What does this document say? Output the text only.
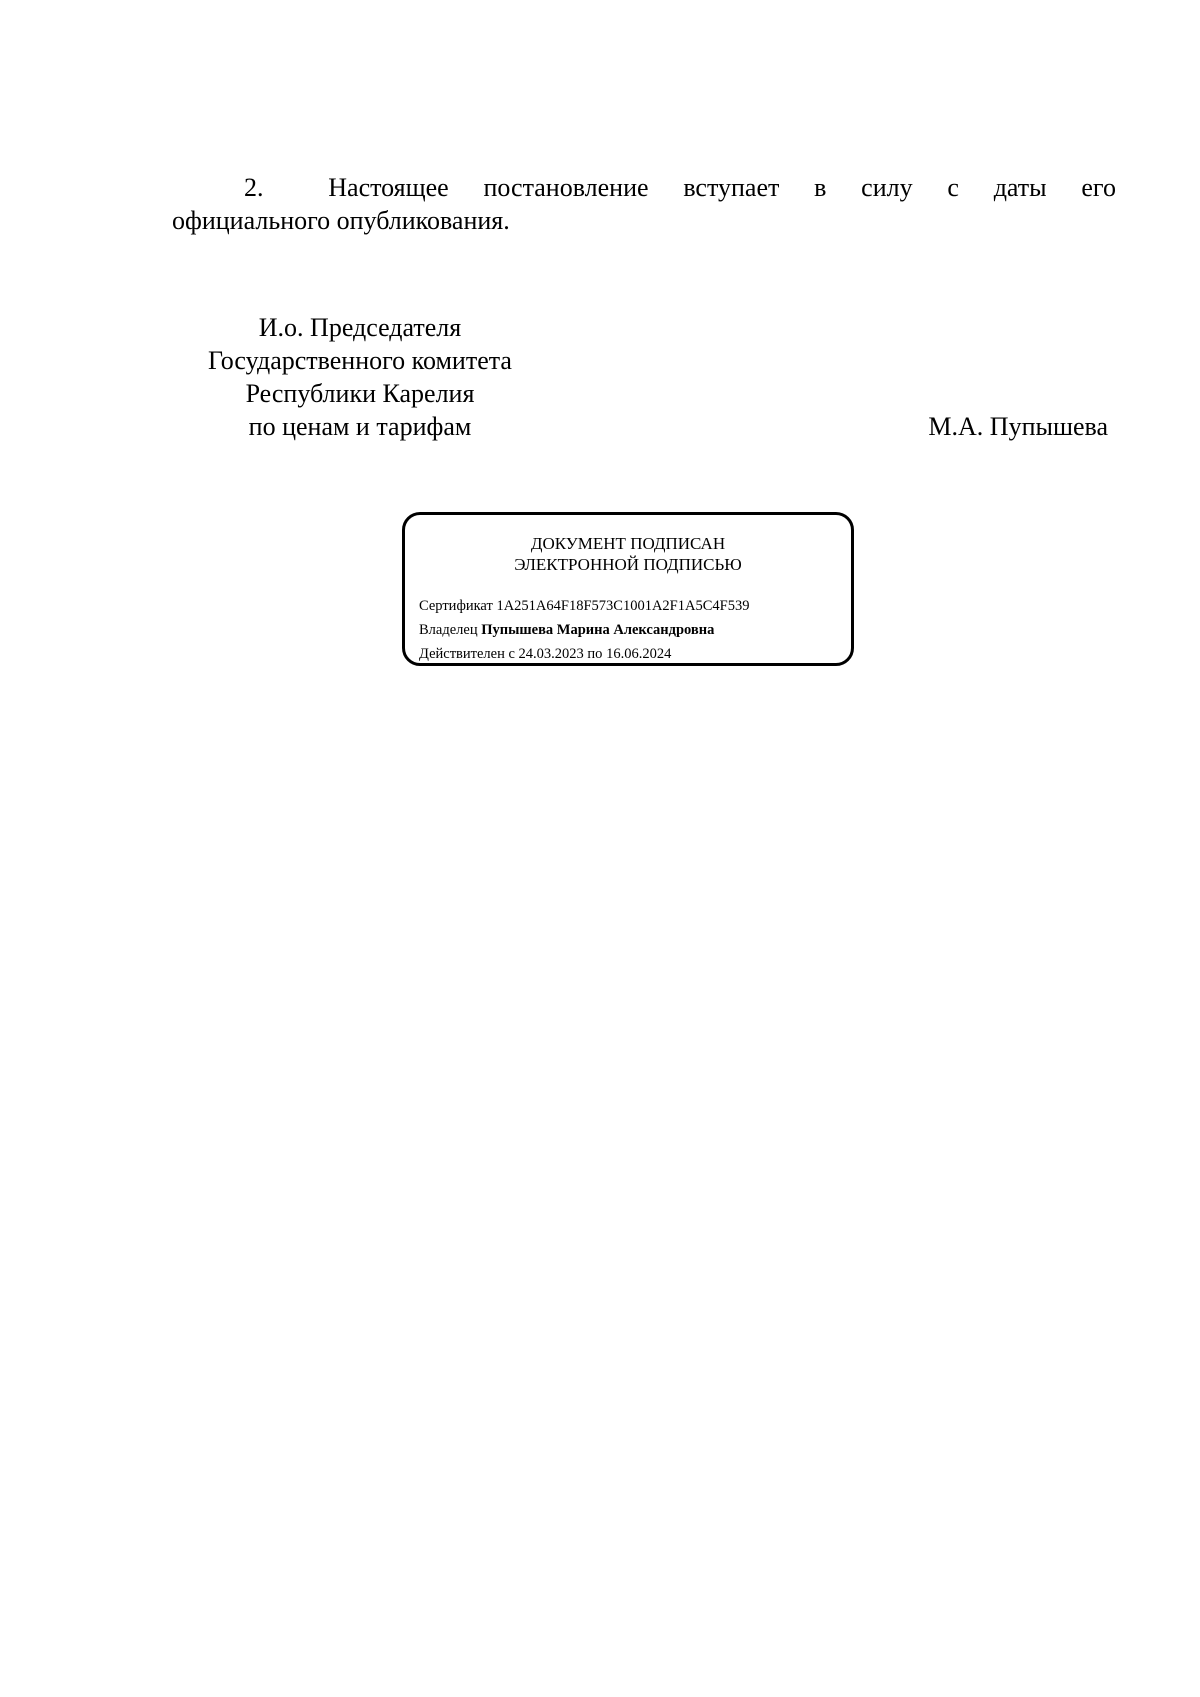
2. Настоящее постановление вступает в силу с даты его
официального опубликования.
И.о. Председателя
Государственного комитета
Республики Карелия
по ценам и тарифам	М.А. Пупышева
ДОКУМЕНТ ПОДПИСАН
ЭЛЕКТРОННОЙ ПОДПИСЬЮ
Сертификат 1A251A64F18F573C1001A2F1A5C4F539
Владелец Пупышева Марина Александровна
Действителен с 24.03.2023 по 16.06.2024
